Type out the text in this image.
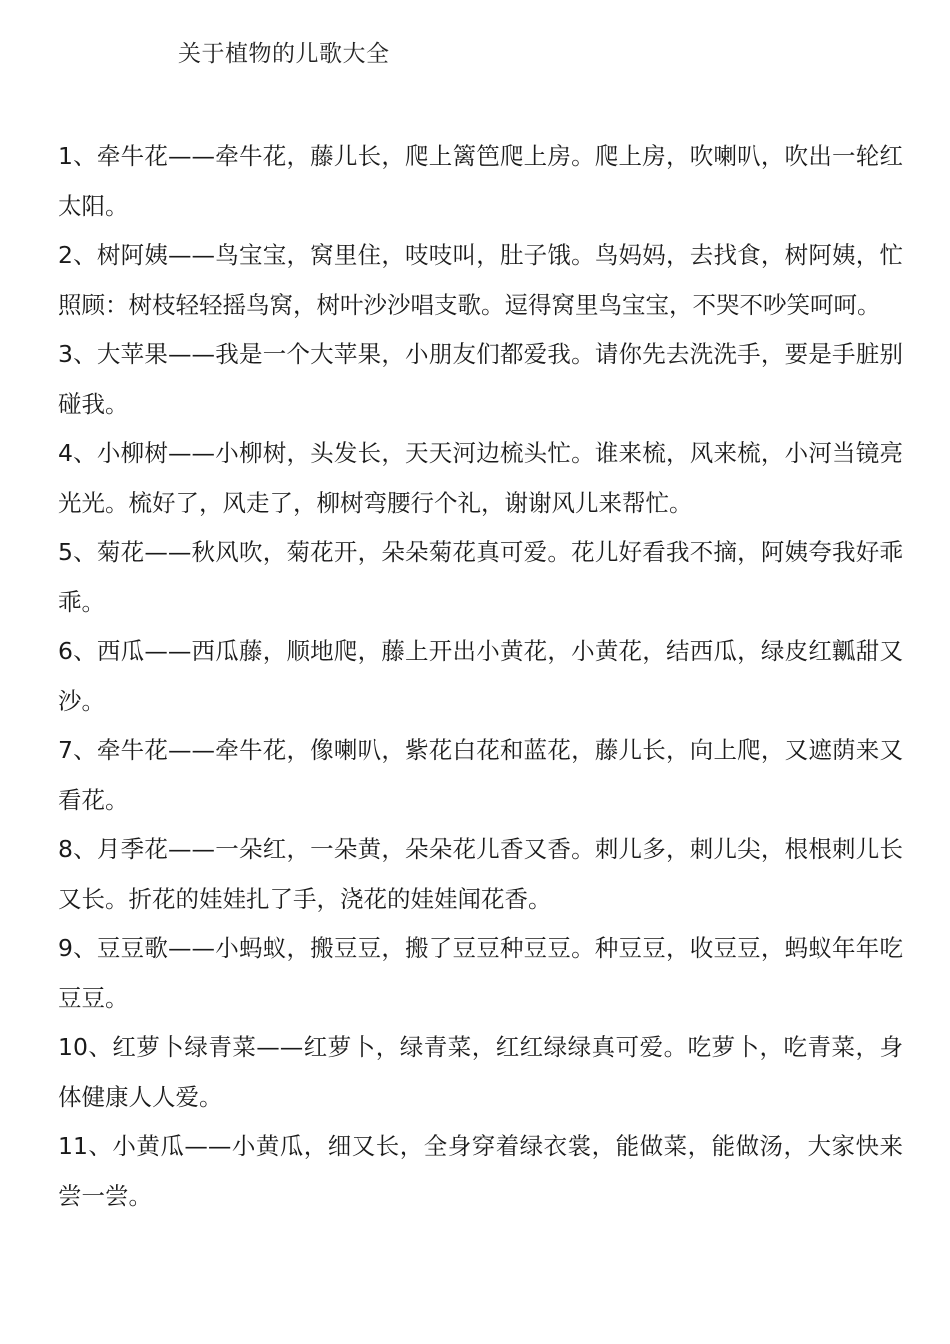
关于植物的儿歌大全

1、牵牛花——牵牛花，藤儿长，爬上篱笆爬上房。爬上房，吹喇叭，吹出一轮红太阳。

2、树阿姨——鸟宝宝，窝里住，吱吱叫，肚子饿。鸟妈妈，去找食，树阿姨，忙照顾：树枝轻轻摇鸟窝，树叶沙沙唱支歌。逗得窝里鸟宝宝，不哭不吵笑呵呵。

3、大苹果——我是一个大苹果，小朋友们都爱我。请你先去洗洗手，要是手脏别碰我。

4、小柳树——小柳树，头发长，天天河边梳头忙。谁来梳，风来梳，小河当镜亮光光。梳好了，风走了，柳树弯腰行个礼，谢谢风儿来帮忙。

5、菊花——秋风吹，菊花开，朵朵菊花真可爱。花儿好看我不摘，阿姨夸我好乖乖。

6、西瓜——西瓜藤，顺地爬，藤上开出小黄花，小黄花，结西瓜，绿皮红瓤甜又沙。

7、牵牛花——牵牛花，像喇叭，紫花白花和蓝花，藤儿长，向上爬，又遮荫来又看花。

8、月季花——一朵红，一朵黄，朵朵花儿香又香。刺儿多，刺儿尖，根根刺儿长又长。折花的娃娃扎了手，浇花的娃娃闻花香。

9、豆豆歌——小蚂蚁，搬豆豆，搬了豆豆种豆豆。种豆豆，收豆豆，蚂蚁年年吃豆豆。

10、红萝卜绿青菜——红萝卜，绿青菜，红红绿绿真可爱。吃萝卜，吃青菜，身体健康人人爱。

11、小黄瓜——小黄瓜，细又长，全身穿着绿衣裳，能做菜，能做汤，大家快来尝一尝。
